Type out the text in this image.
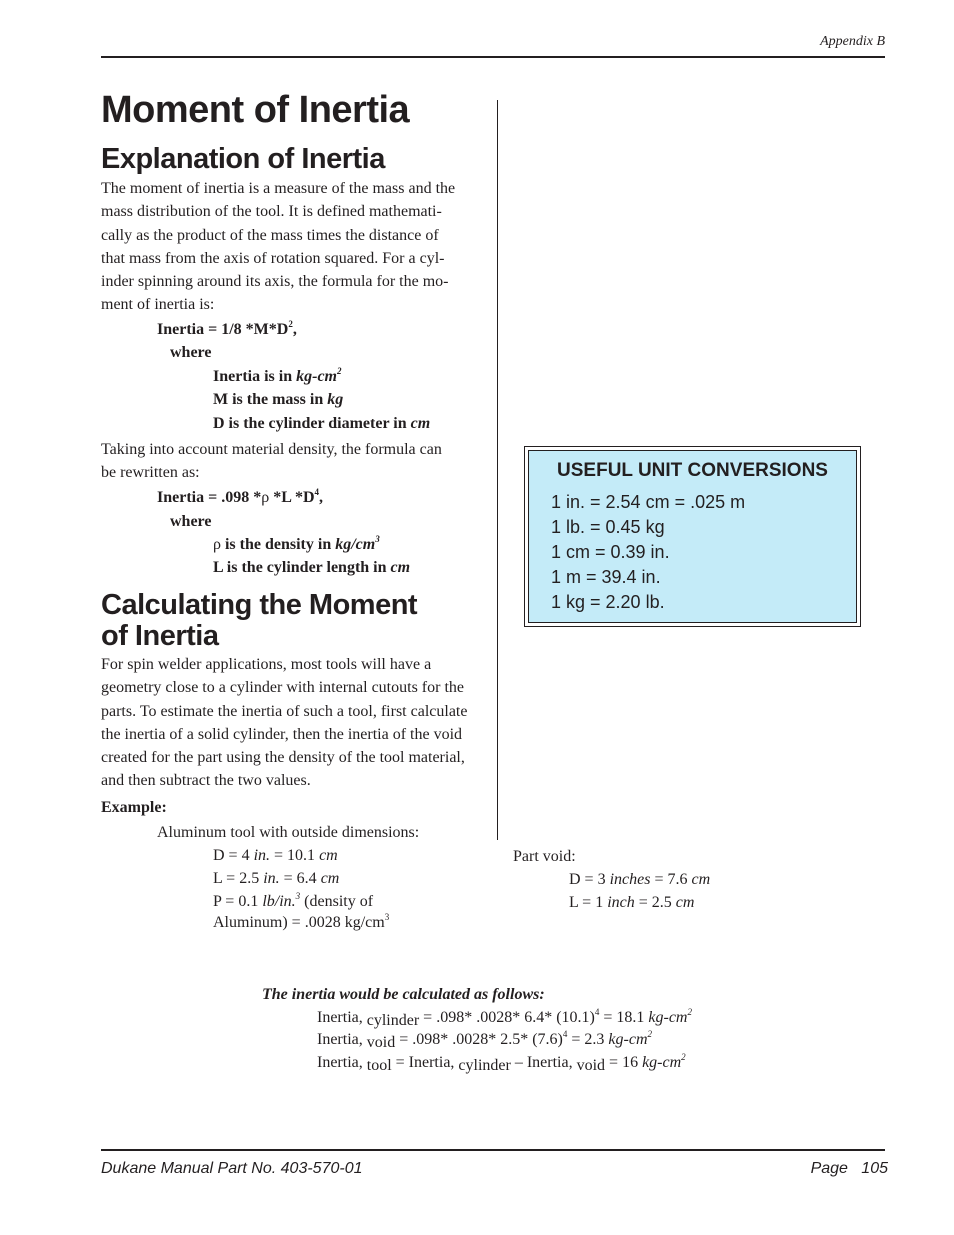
Appendix B
Moment of Inertia
Explanation of Inertia
The moment of inertia is a measure of the mass and the
mass distribution of the tool. It is defined mathemati-
cally as the product of the mass times the distance of
that mass from the axis of rotation squared. For a cyl-
inder spinning around its axis, the formula for the mo-
ment of inertia is:
Inertia = 1/8 $*M*D^2$,
where
Inertia is in $kg-cm^2$
M is the mass in kg
D is the cylinder diameter in cm
Taking into account material density, the formula can
be rewritten as:
Inertia = .098 *ρ *L $*D^4$,
where
ρ is the density in $kg/cm^3$
L is the cylinder length in cm
Calculating the Moment
of Inertia
For spin welder applications, most tools will have a
geometry close to a cylinder with internal cutouts for the
parts. To estimate the inertia of such a tool, first calculate
the inertia of a solid cylinder, then the inertia of the void
created for the part using the density of the tool material,
and then subtract the two values.
Example:
Aluminum tool with outside dimensions:
D = 4 in. = 10.1 cm
L = 2.5 in. = 6.4 cm
P = 0.1 lb/in.$^3$ (density of
Aluminum) = .0028 $kg/cm^3$
USEFUL UNIT CONVERSIONS
1 in. = 2.54 cm = .025 m
1 lb. = 0.45 kg
1 cm = 0.39 in.
1 m = 39.4 in.
1 kg = 2.20 lb.
Part void:
D = 3 inches = 7.6 cm
L = 1 inch = 2.5 cm
The inertia would be calculated as follows:
Inertia, cylinder = .098* .0028* 6.4* $(10.1)^4 = 18.1$ $kg-cm^2$
Inertia, void = .098* .0028* 2.5* $(7.6)^4 = 2.3$ $kg-cm^2$
Inertia, tool = Inertia, cylinder – Inertia, void = 16 $kg-cm^2$
Dukane Manual Part No. 403-570-01	Page 105
